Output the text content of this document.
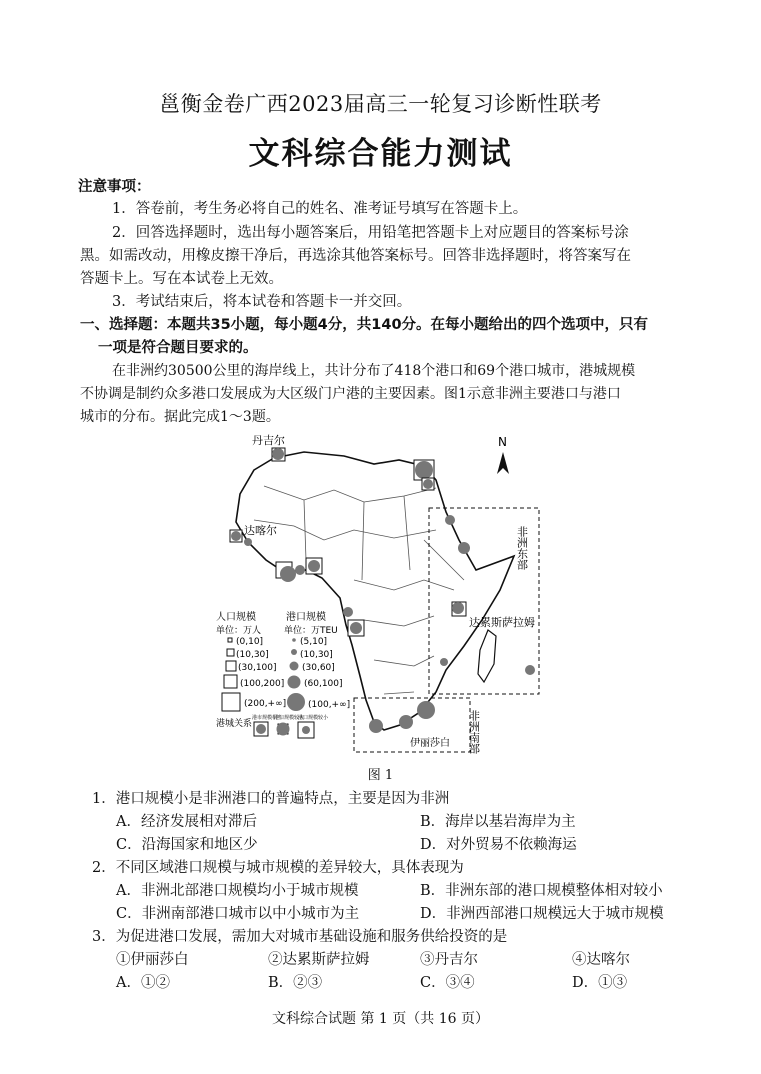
邕衡金卷广西2023届高三一轮复习诊断性联考
文科综合能力测试
注意事项：
1．答卷前，考生务必将自己的姓名、准考证号填写在答题卡上。
2．回答选择题时，选出每小题答案后，用铅笔把答题卡上对应题目的答案标号涂
黑。如需改动，用橡皮擦干净后，再选涂其他答案标号。回答非选择题时，将答案写在
答题卡上。写在本试卷上无效。
3．考试结束后，将本试卷和答题卡一并交回。
一、选择题：本题共35小题，每小题4分，共140分。在每小题给出的四个选项中，只有
一项是符合题目要求的。
在非洲约30500公里的海岸线上，共计分布了418个港口和69个港口城市，港城规模
不协调是制约众多港口发展成为大区级门户港的主要因素。图1示意非洲主要港口与港口
城市的分布。据此完成1～3题。
N
丹吉尔
达喀尔
达累斯萨拉姆
伊丽莎白
非洲东部
非洲南部
人口规模
单位：万人
港口规模
单位：万TEU
(0,10]
(10,30]
(30,100]
(100,200]
(200,+∞]
(5,10]
(10,30]
(30,60]
(60,100]
(100,+∞]
港城关系
港市规模相当
港口规模较大
港口规模较小
图 1
1．港口规模小是非洲港口的普遍特点，主要是因为非洲
A．经济发展相对滞后	B．海岸以基岩海岸为主
C．沿海国家和地区少	D．对外贸易不依赖海运
2．不同区域港口规模与城市规模的差异较大，具体表现为
A．非洲北部港口规模均小于城市规模	B．非洲东部的港口规模整体相对较小
C．非洲南部港口城市以中小城市为主	D．非洲西部港口规模远大于城市规模
3．为促进港口发展，需加大对城市基础设施和服务供给投资的是
①伊丽莎白	②达累斯萨拉姆	③丹吉尔	④达喀尔
A．①②	B．②③	C．③④	D．①③
文科综合试题 第 1 页（共 16 页）
